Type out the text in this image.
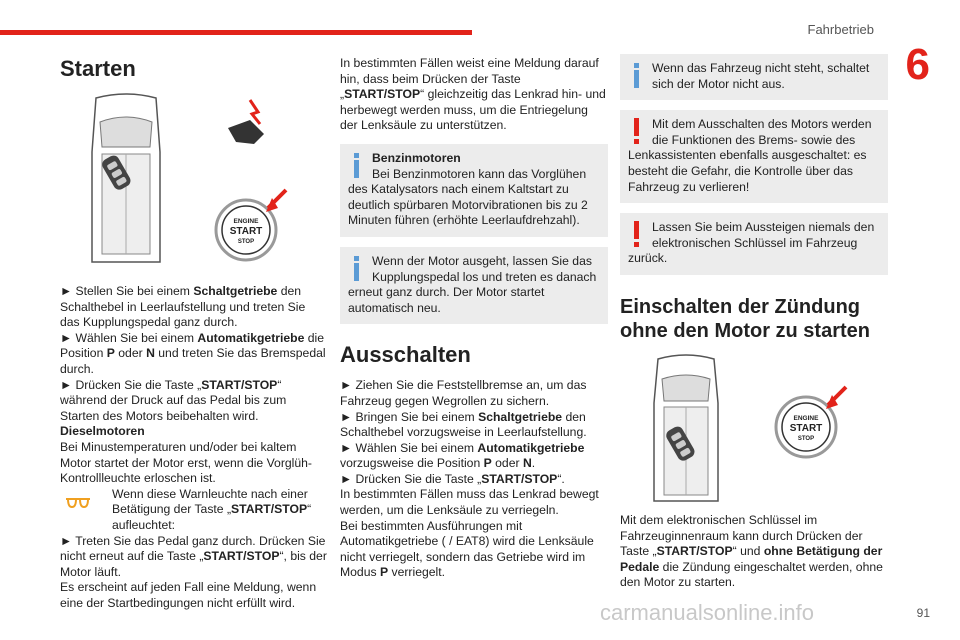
Fahrbetrieb
6
Starten
ENGINE
START
STOP

► Stellen Sie bei einem Schaltgetriebe den Schalthebel in Leerlaufstellung und treten Sie das Kupplungspedal ganz durch.

► Wählen Sie bei einem Automatikgetriebe die Position P oder N und treten Sie das Bremspedal durch.

► Drücken Sie die Taste „START/STOP“ während der Druck auf das Pedal bis zum Starten des Motors beibehalten wird.

Dieselmotoren

Bei Minustemperaturen und/oder bei kaltem Motor startet der Motor erst, wenn die Vorglüh-Kontrollleuchte erloschen ist.

Wenn diese Warnleuchte nach einer Betätigung der Taste „START/STOP“ aufleuchtet:

► Treten Sie das Pedal ganz durch. Drücken Sie nicht erneut auf die Taste „START/STOP“, bis der Motor läuft.

Es erscheint auf jeden Fall eine Meldung, wenn eine der Startbedingungen nicht erfüllt wird.

In bestimmten Fällen weist eine Meldung darauf hin, dass beim Drücken der Taste „START/STOP“ gleichzeitig das Lenkrad hin- und herbewegt werden muss, um die Entriegelung der Lenksäule zu unterstützen.

Benzinmotoren
Bei Benzinmotoren kann das Vorglühen des Katalysators nach einem Kaltstart zu deutlich spürbaren Motorvibrationen bis zu 2 Minuten führen (erhöhte Leerlaufdrehzahl).
Wenn der Motor ausgeht, lassen Sie das Kupplungspedal los und treten es danach erneut ganz durch. Der Motor startet automatisch neu.
Ausschalten

► Ziehen Sie die Feststellbremse an, um das Fahrzeug gegen Wegrollen zu sichern.

► Bringen Sie bei einem Schaltgetriebe den Schalthebel vorzugsweise in Leerlaufstellung.

► Wählen Sie bei einem Automatikgetriebe vorzugsweise die Position P oder N.

► Drücken Sie die Taste „START/STOP“.

In bestimmten Fällen muss das Lenkrad bewegt werden, um die Lenksäule zu verriegeln.

Bei bestimmten Ausführungen mit Automatikgetriebe ( / EAT8) wird die Lenksäule nicht verriegelt, sondern das Getriebe wird im Modus P verriegelt.

Wenn das Fahrzeug nicht steht, schaltet sich der Motor nicht aus.
Mit dem Ausschalten des Motors werden die Funktionen des Brems- sowie des Lenkassistenten ebenfalls ausgeschaltet: es besteht die Gefahr, die Kontrolle über das Fahrzeug zu verlieren!
Lassen Sie beim Aussteigen niemals den elektronischen Schlüssel im Fahrzeug zurück.
Einschalten der Zündung ohne den Motor zu starten
ENGINE
START
STOP

Mit dem elektronischen Schlüssel im Fahrzeuginnenraum kann durch Drücken der Taste „START/STOP“ und ohne Betätigung der Pedale die Zündung eingeschaltet werden, ohne den Motor zu starten.

carmanualsonline.info	91
